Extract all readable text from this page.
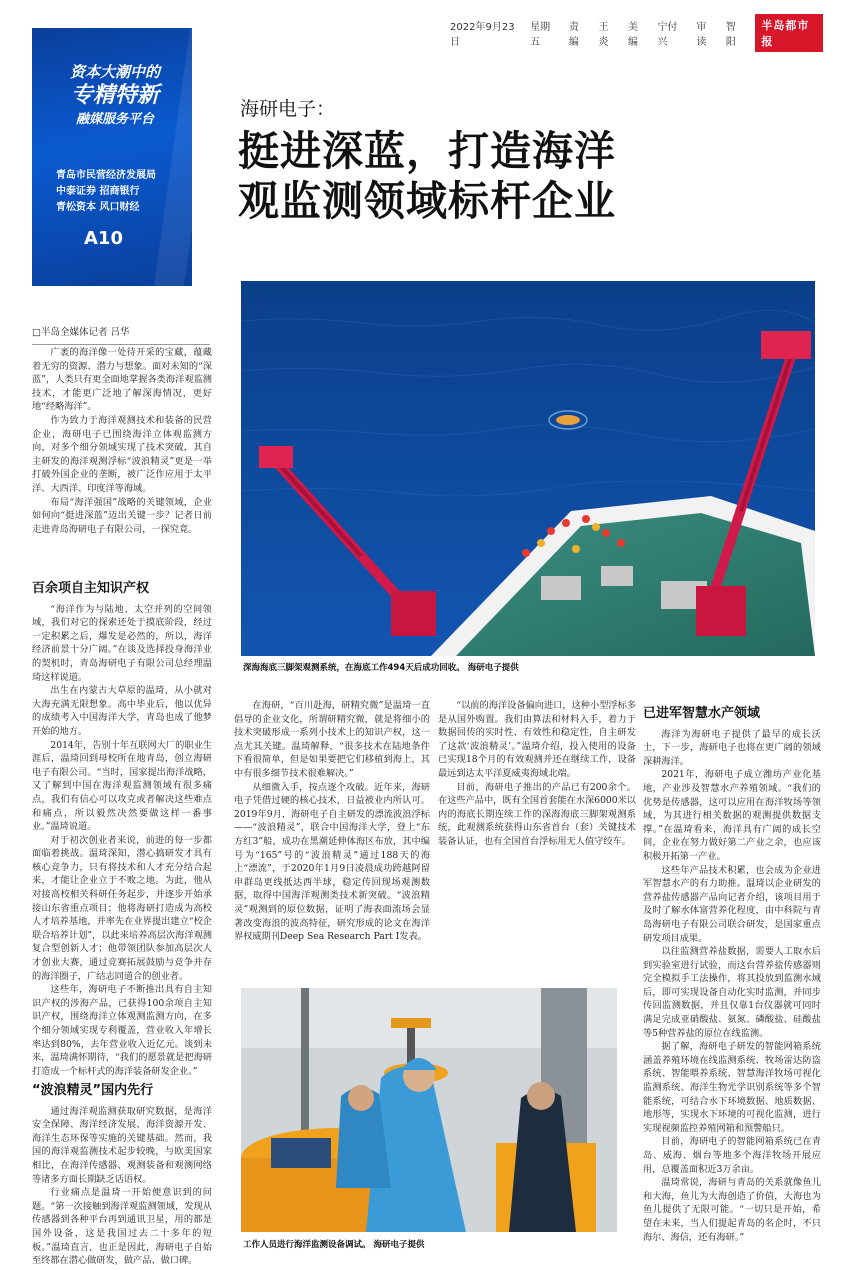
2022年9月23日
星期五
责编
王炎
美编
宁付兴
审读
智阳
半岛都市报
资本大潮中的
专精特新
融媒服务平台
青岛市民营经济发展局
中泰证券 招商银行
青松资本 风口财经
A10
海研电子：
挺进深蓝，打造海洋
观监测领域标杆企业
深海海底三脚架观测系统，在海底工作494天后成功回收。 海研电子提供
□半岛全媒体记者 吕华

广袤的海洋像一处待开采的宝藏，蕴藏着无穷的资源、潜力与想象。面对未知的“深蓝”，人类只有更全面地掌握各类海洋观监测技术，才能更广泛地了解深海情况，更好地“经略海洋”。

作为致力于海洋观测技术和装备的民营企业，海研电子已围绕海洋立体观监测方向，对多个细分领域实现了技术突破，其自主研发的海洋观测浮标“波浪精灵”更是一举打破外国企业的垄断，被广泛作应用于太平洋、大西洋、印度洋等海域。

布局“海洋强国”战略的关键领域，企业如何向“挺进深蓝”迈出关键一步？记者日前走进青岛海研电子有限公司，一探究竟。

百余项自主知识产权

“海洋作为与陆地、太空并列的空间领域，我们对它的探索还处于摸底阶段，经过一定积累之后，爆发是必然的，所以，海洋经济前景十分广阔。”在谈及选择投身海洋业的契机时，青岛海研电子有限公司总经理温琦这样说道。

出生在内蒙古大草原的温琦，从小就对大海充满无限想象。高中毕业后，他以优异的成绩考入中国海洋大学，青岛也成了他梦开始的地方。

2014年，告别十年互联网大厂的职业生涯后，温琦回到母校所在地青岛，创立海研电子有限公司。“当时，国家提出海洋战略，又了解到中国在海洋观监测领域有很多痛点，我们有信心可以攻克或者解决这些难点和痛点，所以毅然决然要做这样一番事业。”温琦说道。

对于初次创业者来说，前进的每一步都面临着挑战。温琦深知，潜心搞研发才具有核心竞争力，只有将技术和人才充分结合起来，才能让企业立于不败之地。为此，他从对接高校相关科研任务起步，并逐步开始承接山东省重点项目；他将海研打造成为高校人才培养基地，并率先在业界提出建立“校企联合培养计划”，以此来培养高层次海洋观测复合型创新人才；他带领团队参加高层次人才创业大赛，通过竞赛拓展鼓励与竞争并存的海洋圈子，广结志同道合的创业者。

这些年，海研电子不断推出具有自主知识产权的涉海产品，已获得100余项自主知识产权，围绕海洋立体观测监测方向，在多个细分领域实现专利覆盖，营业收入年增长率达到80%，去年营业收入近亿元。谈到未来，温琦满怀期待，“我们的愿景就是把海研打造成一个标杆式的海洋装备研发企业。”

“波浪精灵”国内先行

通过海洋观监测获取研究数据，是海洋安全保障、海洋经济发展、海洋资源开发、海洋生态环保等实施的关键基础。然而，我国的海洋观监测技术起步较晚，与欧美国家相比，在海洋传感器、观测装备和观测网络等诸多方面长期缺乏话语权。

行业痛点是温琦一开始便意识到的问题。“第一次接触到海洋观监测领域，发现从传感器到各种平台再到通讯卫星，用的都是国外设备，这是我国过去二十多年的短板。”温琦直言，也正是因此，海研电子自始至终都在潜心做研发，做产品、做口碑。

在海研，“百川赴海，研精究微”是温琦一直倡导的企业文化，所谓研精究微，就是将细小的技术突破形成一系列小技术上的知识产权，这一点尤其关键。温琦解释，“很多技术在陆地条件下看很简单，但是如果要把它们移植到海上，其中有很多细节技术很难解决。”

从细微入手，按点逐个攻破。近年来，海研电子凭借过硬的核心技术，日益被业内所认可。2019年9月，海研电子自主研发的漂流波浪浮标——“波浪精灵”，联合中国海洋大学，登上“东方红3”船，成功在黑潮延伸体海区布放，其中编号为“165”号的“波浪精灵”通过188天的海上“漂流”，于2020年1月9日凌晨成功跨越阿留申群岛更线抵达西半球，稳定传回现场观测数据，取得中国海洋观测类技术新突破。“波浪精灵”观测到的原位数据，证明了海表面流场会显著改变海浪的波高特征，研究形成的论文在海洋界权威期刊Deep Sea Research Part I发表。

“以前的海洋设备偏向进口，这种小型浮标多是从国外购置。我们由算法和材料入手，着力于数据回传的实时性、有效性和稳定性，自主研发了这款‘波浪精灵’。”温琦介绍，投入使用的设备已实现18个月的有效观测并还在继续工作，设备最远到达太平洋夏威夷海域北端。

目前，海研电子推出的产品已有200余个。在这些产品中，既有全国首套能在水深6000米以内的海底长期连续工作的深海海底三脚架观测系统，此观测系统获得山东省首台（套）关键技术装备认证，也有全国首台浮标用无人值守绞车。

已进军智慧水产领域

海洋为海研电子提供了最早的成长沃土，下一步，海研电子也将在更广阔的领域深耕海洋。

2021年，海研电子成立潍坊产业化基地，产业涉及智慧水产养殖领域。“我们的优势是传感器，这可以应用在海洋牧场等领域，为其进行相关数据的观测提供数据支撑。”在温琦看来，海洋具有广阔的成长空间，企业在努力做好第二产业之余，也应该积极开拓第一产业。

这些年产品技术积累，也会成为企业进军智慧水产的有力助推。温琦以企业研发的营养盐传感器产品向记者介绍，该项目用于及时了解水体富营养化程度，由中科院与青岛海研电子有限公司联合研发，是国家重点研发项目成果。

以往监测营养盐数据，需要人工取水后到实验室进行试验，而这台营养盐传感器则完全模拟手工法操作，将其投放到监测水域后，即可实现设备自动化实时监测，并同步传回监测数据，并且仅靠1台仪器就可同时满足完成亚硝酸盐、氨氮、磷酸盐、硅酸盐等5种营养盐的原位在线监测。

据了解，海研电子研发的智能网箱系统涵盖养殖环境在线监测系统、牧场雷达防盗系统、智能喂养系统、智慧海洋牧场可视化监测系统、海洋生物光学识别系统等多个智能系统，可结合水下环境数据、地质数据、地形等，实现水下环境的可视化监测，进行实现视频监控养殖网箱和预警船只。

目前，海研电子的智能网箱系统已在青岛、威海、烟台等地多个海洋牧场开展应用，总覆盖面积近3万余亩。

温琦常说，海研与青岛的关系就像鱼儿和大海，鱼儿为大海创造了价值，大海也为鱼儿提供了无限可能。“一切只是开始，希望在未来，当人们提起青岛的名企时，不只海尔、海信，还有海研。”

工作人员进行海洋监测设备调试。 海研电子提供
